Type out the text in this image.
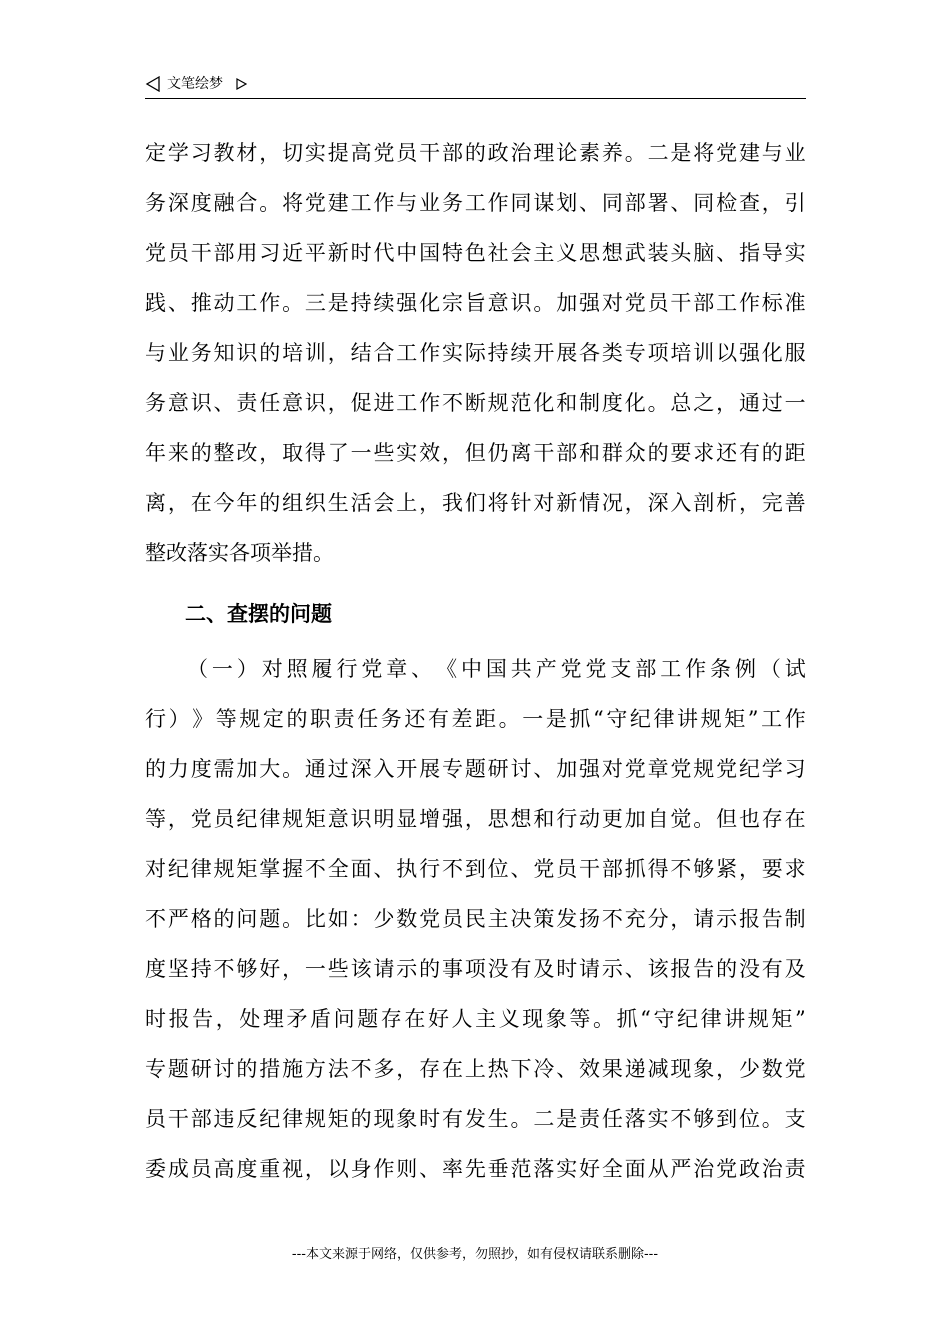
文笔绘梦
定 学 习 教 材 ， 切 实 提 高 党 员 干 部 的 政 治 理 论 素 养 。 二 是 将 党 建 与 业
务 深 度 融 合 。 将 党 建 工 作 与 业 务 工 作 同 谋 划 、 同 部 署 、 同 检 查 ， 引
党 员 干 部 用 习 近 平 新 时 代 中 国 特 色 社 会 主 义 思 想 武 装 头 脑 、 指 导 实
践 、 推 动 工 作 。 三 是 持 续 强 化 宗 旨 意 识 。 加 强 对 党 员 干 部 工 作 标 准
与 业 务 知 识 的 培 训 ， 结 合 工 作 实 际 持 续 开 展 各 类 专 项 培 训 以 强 化 服
务 意 识 、 责 任 意 识 ， 促 进 工 作 不 断 规 范 化 和 制 度 化 。 总 之 ， 通 过 一
年 来 的 整 改 ， 取 得 了 一 些 实 效 ， 但 仍 离 干 部 和 群 众 的 要 求 还 有 的 距
离 ， 在 今 年 的 组 织 生 活 会 上 ， 我 们 将 针 对 新 情 况 ， 深 入 剖 析 ， 完 善
整改落实各项举措。
二、查摆的问题
（ 一 ） 对 照 履 行 党 章 、 《 中 国 共 产 党 党 支 部 工 作 条 例 （ 试
行 ） 》 等 规 定 的 职 责 任 务 还 有 差 距 。 一 是 抓 “ 守 纪 律 讲 规 矩 ” 工 作
的 力 度 需 加 大 。 通 过 深 入 开 展 专 题 研 讨 、 加 强 对 党 章 党 规 党 纪 学 习
等 ， 党 员 纪 律 规 矩 意 识 明 显 增 强 ， 思 想 和 行 动 更 加 自 觉 。 但 也 存 在
对 纪 律 规 矩 掌 握 不 全 面 、 执 行 不 到 位 、 党 员 干 部 抓 得 不 够 紧 ， 要 求
不 严 格 的 问 题 。 比 如 ： 少 数 党 员 民 主 决 策 发 扬 不 充 分 ， 请 示 报 告 制
度 坚 持 不 够 好 ， 一 些 该 请 示 的 事 项 没 有 及 时 请 示 、 该 报 告 的 没 有 及
时 报 告 ， 处 理 矛 盾 问 题 存 在 好 人 主 义 现 象 等 。 抓 “ 守 纪 律 讲 规 矩 ”
专 题 研 讨 的 措 施 方 法 不 多 ， 存 在 上 热 下 冷 、 效 果 递 减 现 象 ， 少 数 党
员 干 部 违 反 纪 律 规 矩 的 现 象 时 有 发 生 。 二 是 责 任 落 实 不 够 到 位 。 支
委 成 员 高 度 重 视 ， 以 身 作 则 、 率 先 垂 范 落 实 好 全 面 从 严 治 党 政 治 责
---本文来源于网络，仅供参考，勿照抄，如有侵权请联系删除---
